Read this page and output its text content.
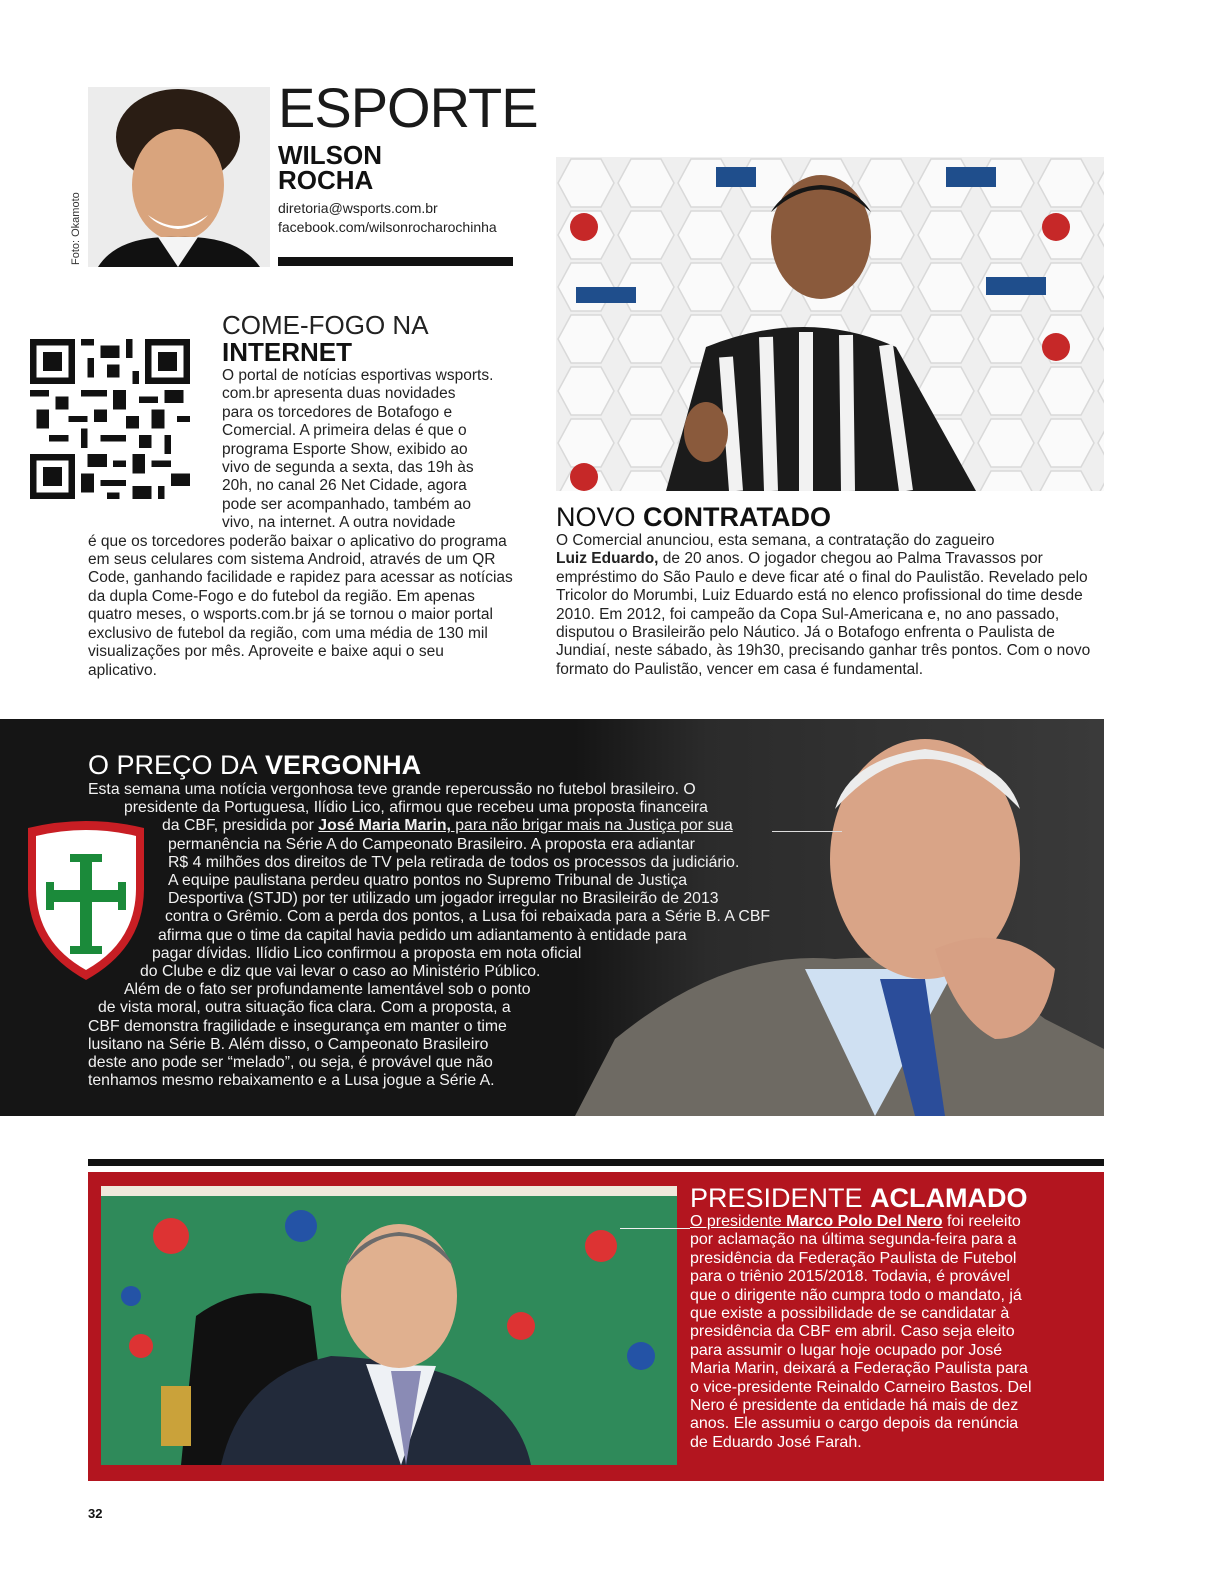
Foto: Okamoto
ESPORTE
WILSON
ROCHA
diretoria@wsports.com.br
facebook.com/wilsonrocharochinha
COME-FOGO NA
INTERNET
O portal de notícias esportivas wsports.
com.br apresenta duas novidades
para os torcedores de Botafogo e
Comercial. A primeira delas é que o
programa Esporte Show, exibido ao
vivo de segunda a sexta, das 19h às
20h, no canal 26 Net Cidade, agora
pode ser acompanhado, também ao
vivo, na internet. A outra novidade
é que os torcedores poderão baixar o aplicativo do programa em seus celulares com sistema Android, através de um QR Code, ganhando facilidade e rapidez para acessar as notícias da dupla Come-Fogo e do futebol da região. Em apenas quatro meses, o wsports.com.br já se tornou o maior portal exclusivo de futebol da região, com uma média de 130 mil visualizações por mês. Aproveite e baixe aqui o seu aplicativo.
NOVO CONTRATADO
O Comercial anunciou, esta semana, a contratação do zagueiro
Luiz Eduardo, de 20 anos. O jogador chegou ao Palma Travassos por empréstimo do São Paulo e deve ficar até o final do Paulistão. Revelado pelo Tricolor do Morumbi, Luiz Eduardo está no elenco profissional do time desde 2010. Em 2012, foi campeão da Copa Sul-Americana e, no ano passado, disputou o Brasileirão pelo Náutico. Já o Botafogo enfrenta o Paulista de Jundiaí, neste sábado, às 19h30, precisando ganhar três pontos. Com o novo formato do Paulistão, vencer em casa é fundamental.
O PREÇO DA VERGONHA
Esta semana uma notícia vergonhosa teve grande repercussão no futebol brasileiro. O
presidente da Portuguesa, Ilídio Lico, afirmou que recebeu uma proposta financeira
da CBF, presidida por José Maria Marin, para não brigar mais na Justiça por sua
permanência na Série A do Campeonato Brasileiro. A proposta era adiantar
R$ 4 milhões dos direitos de TV pela retirada de todos os processos da judiciário.
A equipe paulistana perdeu quatro pontos no Supremo Tribunal de Justiça
Desportiva (STJD) por ter utilizado um jogador irregular no Brasileirão de 2013
contra o Grêmio. Com a perda dos pontos, a Lusa foi rebaixada para a Série B. A CBF
afirma que o time da capital havia pedido um adiantamento à entidade para
pagar dívidas. Ilídio Lico confirmou a proposta em nota oficial
do Clube e diz que vai levar o caso ao Ministério Público.
Além de o fato ser profundamente lamentável sob o ponto
de vista moral, outra situação fica clara. Com a proposta, a
CBF demonstra fragilidade e insegurança em manter o time
lusitano na Série B. Além disso, o Campeonato Brasileiro
deste ano pode ser “melado”, ou seja, é provável que não
tenhamos mesmo rebaixamento e a Lusa jogue a Série A.
PRESIDENTE ACLAMADO
O presidente Marco Polo Del Nero foi reeleito por aclamação na última segunda-feira para a presidência da Federação Paulista de Futebol para o triênio 2015/2018. Todavia, é provável que o dirigente não cumpra todo o mandato, já que existe a possibilidade de se candidatar à presidência da CBF em abril. Caso seja eleito para assumir o lugar hoje ocupado por José Maria Marin, deixará a Federação Paulista para o vice-presidente Reinaldo Carneiro Bastos. Del Nero é presidente da entidade há mais de dez anos. Ele assumiu o cargo depois da renúncia de Eduardo José Farah.
32
